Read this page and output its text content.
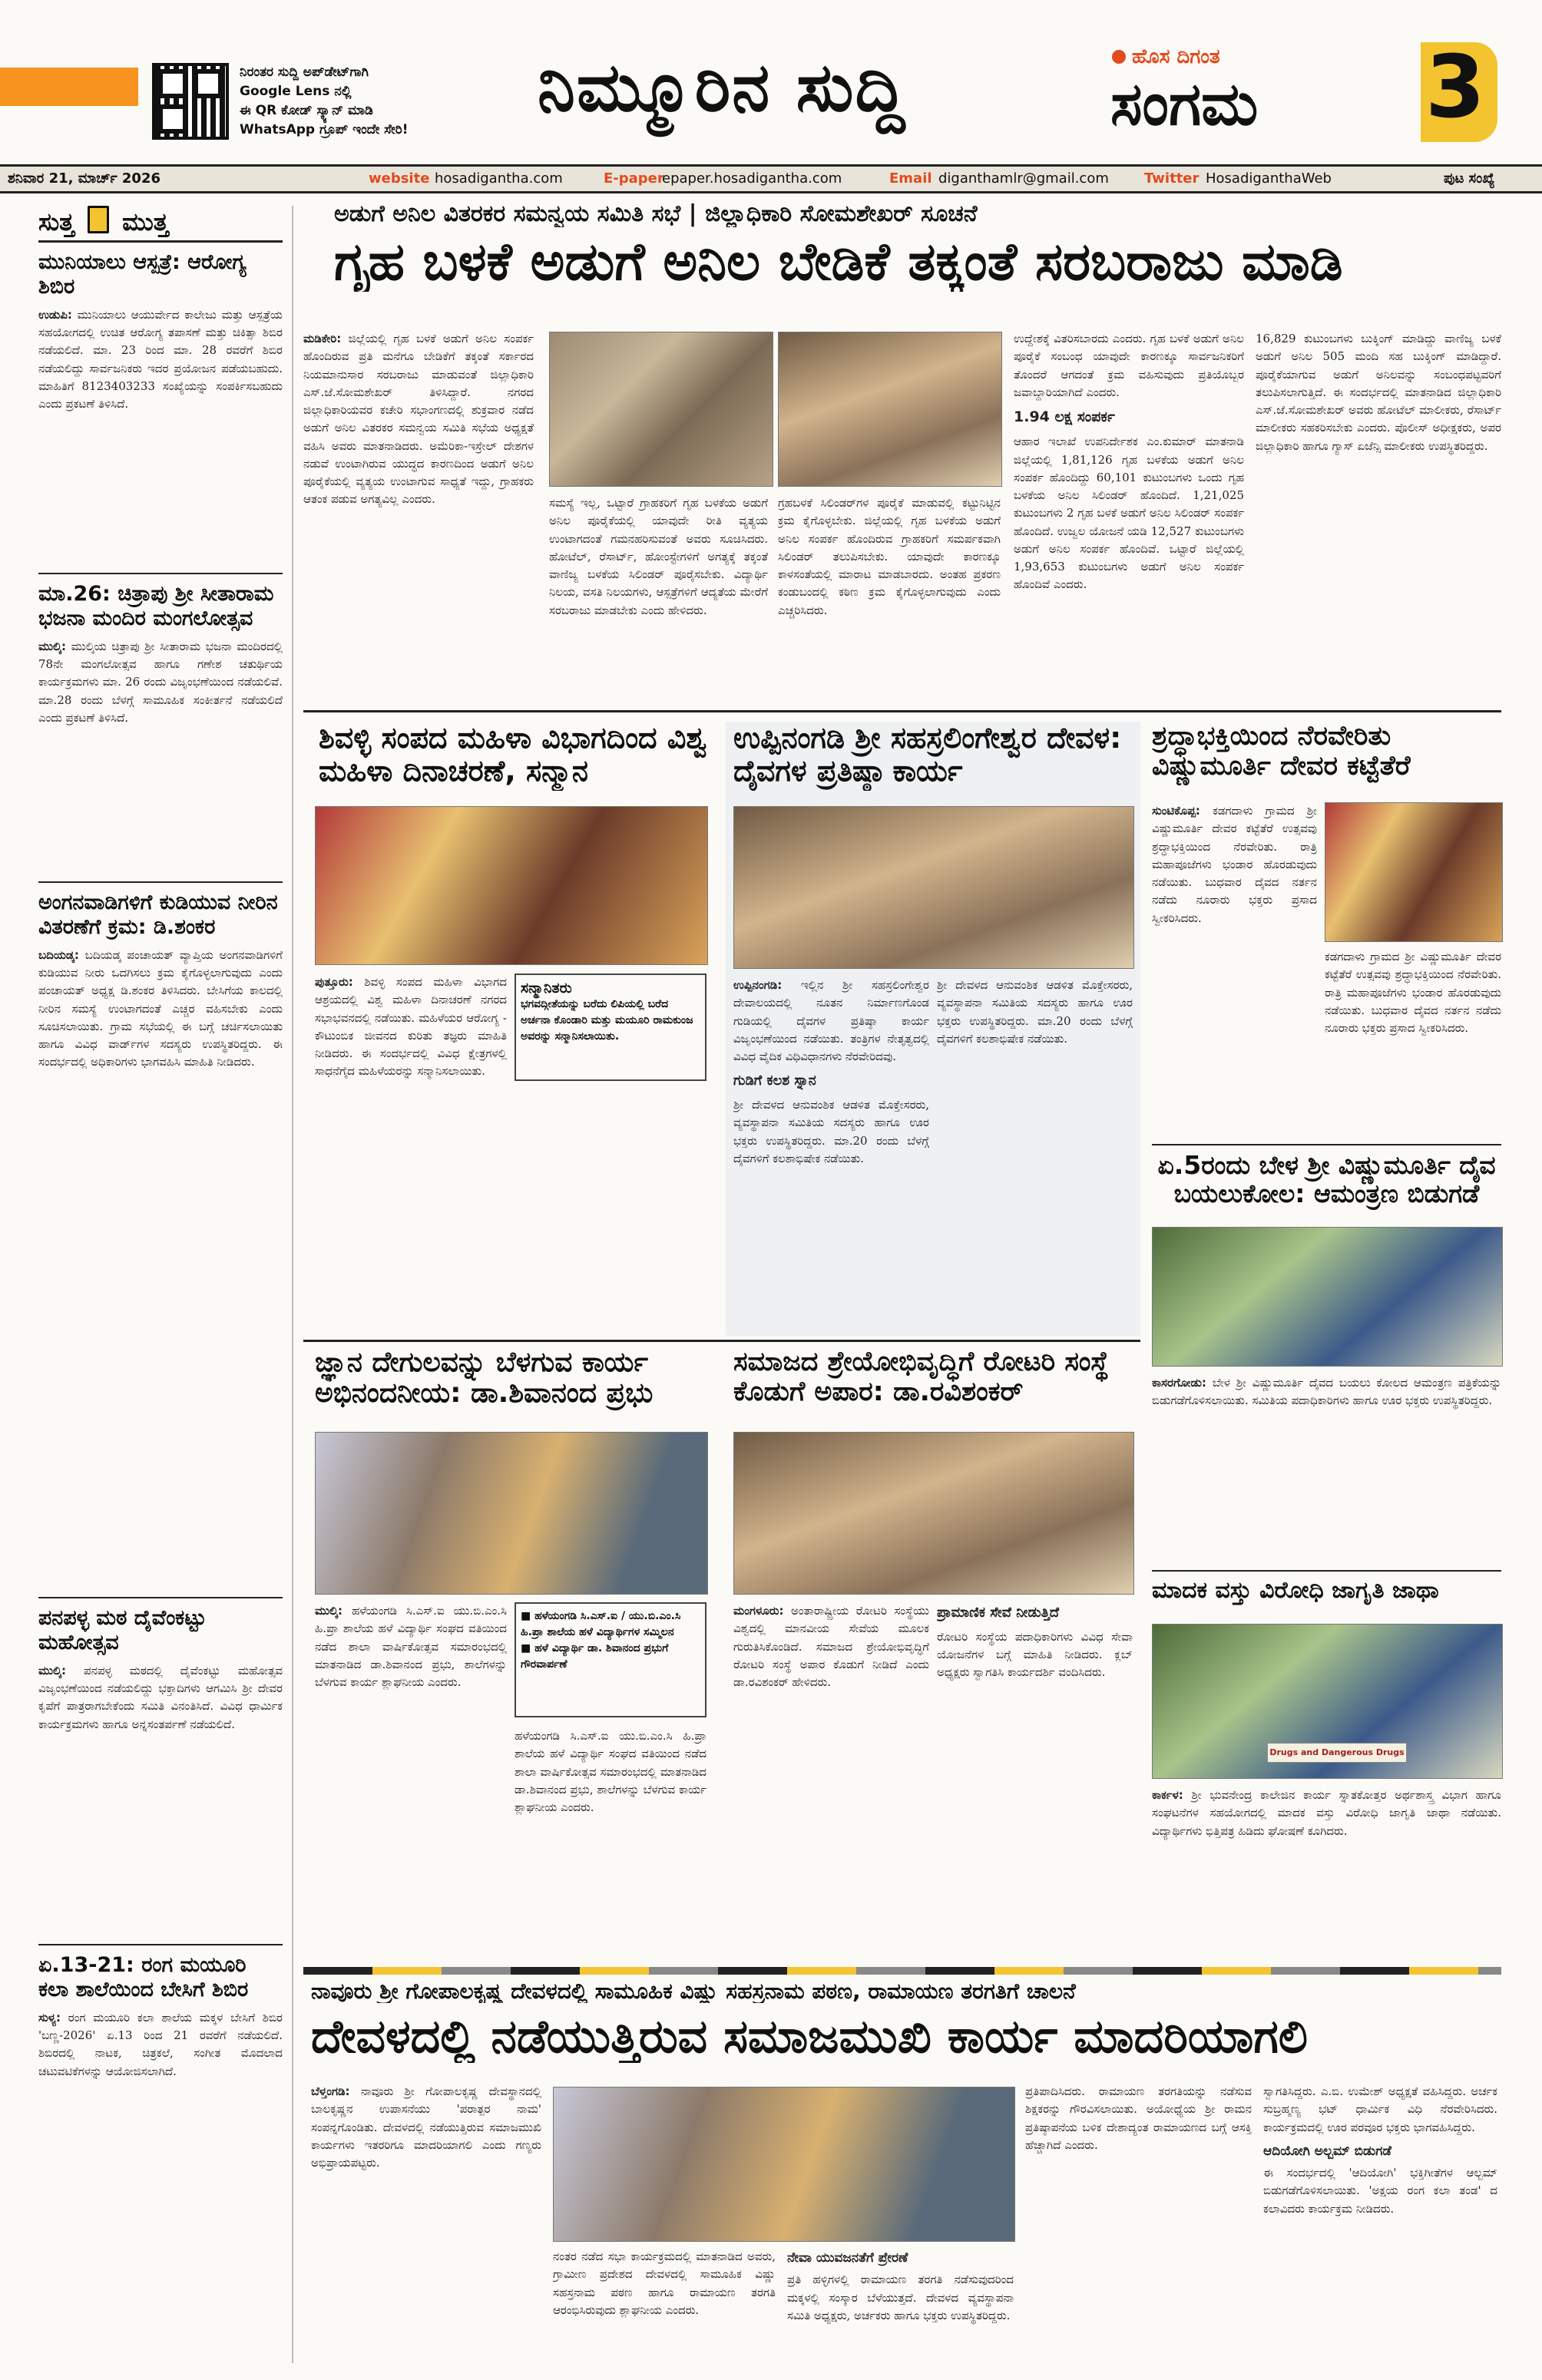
ನಿರಂತರ ಸುದ್ದಿ ಅಪ್‌ಡೇಟ್‌ಗಾಗಿ
Google Lens ನಲ್ಲಿ
ಈ QR ಕೋಡ್ ಸ್ಕ್ಯಾನ್ ಮಾಡಿ
WhatsApp ಗ್ರೂಪ್ ಇಂದೇ ಸೇರಿ!
ನಿಮ್ಮೂರಿನ ಸುದ್ದಿ	ಹೊಸ ದಿಗಂತ
ಸಂಗಮ 3
ಶನಿವಾರ 21, ಮಾರ್ಚ್ 2026	website hosadigantha.com	E-paper
epaper.hosadigantha.com	Email diganthamlr@gmail.com	Twitter HosadiganthaWeb	ಪುಟ ಸಂಖ್ಯೆ
ಸುತ್ತ ಮುತ್ತ
ಮುನಿಯಾಲು ಆಸ್ಪತ್ರೆ: ಆರೋಗ್ಯ ಶಿಬಿರ
ಉಡುಪಿ: ಮುನಿಯಾಲು ಆಯುರ್ವೇದ ಕಾಲೇಜು ಮತ್ತು ಆಸ್ಪತ್ರೆಯ ಸಹಯೋಗದಲ್ಲಿ ಉಚಿತ ಆರೋಗ್ಯ ತಪಾಸಣೆ ಮತ್ತು ಚಿಕಿತ್ಸಾ ಶಿಬಿರ ನಡೆಯಲಿದೆ. ಮಾ. 23 ರಿಂದ ಮಾ. 28 ರವರೆಗೆ ಶಿಬಿರ ನಡೆಯಲಿದ್ದು ಸಾರ್ವಜನಿಕರು ಇದರ ಪ್ರಯೋಜನ ಪಡೆಯಬಹುದು. ಮಾಹಿತಿಗೆ 8123403233 ಸಂಖ್ಯೆಯನ್ನು ಸಂಪರ್ಕಿಸಬಹುದು ಎಂದು ಪ್ರಕಟಣೆ ತಿಳಿಸಿದೆ.
ಮಾ.26: ಚಿತ್ರಾಪು ಶ್ರೀ ಸೀತಾರಾಮ ಭಜನಾ ಮಂದಿರ ಮಂಗಲೋತ್ಸವ
ಮುಲ್ಕಿ: ಮುಲ್ಕಿಯ ಚಿತ್ರಾಪು ಶ್ರೀ ಸೀತಾರಾಮ ಭಜನಾ ಮಂದಿರದಲ್ಲಿ 78ನೇ ಮಂಗಲೋತ್ಸವ ಹಾಗೂ ಗಣೇಶ ಚತುರ್ಥಿಯ ಕಾರ್ಯಕ್ರಮಗಳು ಮಾ. 26 ರಂದು ವಿಜೃಂಭಣೆಯಿಂದ ನಡೆಯಲಿವೆ. ಮಾ.28 ರಂದು ಬೆಳಗ್ಗೆ ಸಾಮೂಹಿಕ ಸಂಕೀರ್ತನೆ ನಡೆಯಲಿದೆ ಎಂದು ಪ್ರಕಟಣೆ ತಿಳಿಸಿದೆ.
ಅಂಗನವಾಡಿಗಳಿಗೆ ಕುಡಿಯುವ ನೀರಿನ ವಿತರಣೆಗೆ ಕ್ರಮ: ಡಿ.ಶಂಕರ
ಬದಿಯಡ್ಕ: ಬದಿಯಡ್ಕ ಪಂಚಾಯತ್ ವ್ಯಾಪ್ತಿಯ ಅಂಗನವಾಡಿಗಳಿಗೆ ಕುಡಿಯುವ ನೀರು ಒದಗಿಸಲು ಕ್ರಮ ಕೈಗೊಳ್ಳಲಾಗುವುದು ಎಂದು ಪಂಚಾಯತ್ ಅಧ್ಯಕ್ಷ ಡಿ.ಶಂಕರ ತಿಳಿಸಿದರು. ಬೇಸಿಗೆಯ ಕಾಲದಲ್ಲಿ ನೀರಿನ ಸಮಸ್ಯೆ ಉಂಟಾಗದಂತೆ ಎಚ್ಚರ ವಹಿಸಬೇಕು ಎಂದು ಸೂಚಿಸಲಾಯಿತು. ಗ್ರಾಮ ಸಭೆಯಲ್ಲಿ ಈ ಬಗ್ಗೆ ಚರ್ಚಿಸಲಾಯಿತು ಹಾಗೂ ವಿವಿಧ ವಾರ್ಡ್‌ಗಳ ಸದಸ್ಯರು ಉಪಸ್ಥಿತರಿದ್ದರು. ಈ ಸಂದರ್ಭದಲ್ಲಿ ಅಧಿಕಾರಿಗಳು ಭಾಗವಹಿಸಿ ಮಾಹಿತಿ ನೀಡಿದರು.
ಪನಪಳ್ಳ ಮಠ ದೈವೆಂಕಟ್ಟು ಮಹೋತ್ಸವ
ಮುಲ್ಕಿ: ಪನಪಳ್ಳ ಮಠದಲ್ಲಿ ದೈವೆಂಕಟ್ಟು ಮಹೋತ್ಸವ ವಿಜೃಂಭಣೆಯಿಂದ ನಡೆಯಲಿದ್ದು ಭಕ್ತಾದಿಗಳು ಆಗಮಿಸಿ ಶ್ರೀ ದೇವರ ಕೃಪೆಗೆ ಪಾತ್ರರಾಗಬೇಕೆಂದು ಸಮಿತಿ ವಿನಂತಿಸಿದೆ. ವಿವಿಧ ಧಾರ್ಮಿಕ ಕಾರ್ಯಕ್ರಮಗಳು ಹಾಗೂ ಅನ್ನಸಂತರ್ಪಣೆ ನಡೆಯಲಿದೆ.
ಏ.13-21: ರಂಗ ಮಯೂರಿ ಕಲಾ ಶಾಲೆಯಿಂದ ಬೇಸಿಗೆ ಶಿಬಿರ
ಸುಳ್ಯ: ರಂಗ ಮಯೂರಿ ಕಲಾ ಶಾಲೆಯ ಮಕ್ಕಳ ಬೇಸಿಗೆ ಶಿಬಿರ 'ಬಣ್ಣ-2026' ಏ.13 ರಿಂದ 21 ರವರೆಗೆ ನಡೆಯಲಿದೆ. ಶಿಬಿರದಲ್ಲಿ ನಾಟಕ, ಚಿತ್ರಕಲೆ, ಸಂಗೀತ ಮೊದಲಾದ ಚಟುವಟಿಕೆಗಳನ್ನು ಆಯೋಜಿಸಲಾಗಿದೆ.
ಅಡುಗೆ ಅನಿಲ ವಿತರಕರ ಸಮನ್ವಯ ಸಮಿತಿ ಸಭೆ | ಜಿಲ್ಲಾಧಿಕಾರಿ ಸೋಮಶೇಖರ್ ಸೂಚನೆ
ಗೃಹ ಬಳಕೆ ಅಡುಗೆ ಅನಿಲ ಬೇಡಿಕೆ ತಕ್ಕಂತೆ ಸರಬರಾಜು ಮಾಡಿ
ಮಡಿಕೇರಿ: ಜಿಲ್ಲೆಯಲ್ಲಿ ಗೃಹ ಬಳಕೆ ಅಡುಗೆ ಅನಿಲ ಸಂಪರ್ಕ ಹೊಂದಿರುವ ಪ್ರತಿ ಮನೆಗೂ ಬೇಡಿಕೆಗೆ ತಕ್ಕಂತೆ ಸರ್ಕಾರದ ನಿಯಮಾನುಸಾರ ಸರಬರಾಜು ಮಾಡುವಂತೆ ಜಿಲ್ಲಾಧಿಕಾರಿ ಎಸ್.ಜೆ.ಸೋಮಶೇಖರ್ ತಿಳಿಸಿದ್ದಾರೆ. ನಗರದ ಜಿಲ್ಲಾಧಿಕಾರಿಯವರ ಕಚೇರಿ ಸಭಾಂಗಣದಲ್ಲಿ ಶುಕ್ರವಾರ ನಡೆದ ಅಡುಗೆ ಅನಿಲ ವಿತರಕರ ಸಮನ್ವಯ ಸಮಿತಿ ಸಭೆಯ ಅಧ್ಯಕ್ಷತೆ ವಹಿಸಿ ಅವರು ಮಾತನಾಡಿದರು. ಅಮೆರಿಕಾ-ಇಸ್ರೇಲ್ ದೇಶಗಳ ನಡುವೆ ಉಂಟಾಗಿರುವ ಯುದ್ಧದ ಕಾರಣದಿಂದ ಅಡುಗೆ ಅನಿಲ ಪೂರೈಕೆಯಲ್ಲಿ ವ್ಯತ್ಯಯ ಉಂಟಾಗುವ ಸಾಧ್ಯತೆ ಇದ್ದು, ಗ್ರಾಹಕರು ಆತಂಕ ಪಡುವ ಅಗತ್ಯವಿಲ್ಲ ಎಂದರು.	ಸಮಸ್ಯೆ ಇಲ್ಲ, ಒಟ್ಟಾರೆ ಗ್ರಾಹಕರಿಗೆ ಗೃಹ ಬಳಕೆಯ ಅಡುಗೆ ಅನಿಲ ಪೂರೈಕೆಯಲ್ಲಿ ಯಾವುದೇ ರೀತಿ ವ್ಯತ್ಯಯ ಉಂಟಾಗದಂತೆ ಗಮನಹರಿಸುವಂತೆ ಅವರು ಸೂಚಿಸಿದರು. ಹೋಟೆಲ್, ರೆಸಾರ್ಟ್, ಹೋಂಸ್ಟೇಗಳಿಗೆ ಅಗತ್ಯಕ್ಕೆ ತಕ್ಕಂತೆ ವಾಣಿಜ್ಯ ಬಳಕೆಯ ಸಿಲಿಂಡರ್ ಪೂರೈಸಬೇಕು. ವಿದ್ಯಾರ್ಥಿ ನಿಲಯ, ವಸತಿ ನಿಲಯಗಳು, ಆಸ್ಪತ್ರೆಗಳಿಗೆ ಆದ್ಯತೆಯ ಮೇರೆಗೆ ಸರಬರಾಜು ಮಾಡಬೇಕು ಎಂದು ಹೇಳಿದರು.
ಗ್ರಹಬಳಕೆ ಸಿಲಿಂಡರ್‌ಗಳ ಪೂರೈಕೆ ಮಾಡುವಲ್ಲಿ ಕಟ್ಟುನಿಟ್ಟಿನ ಕ್ರಮ ಕೈಗೊಳ್ಳಬೇಕು. ಜಿಲ್ಲೆಯಲ್ಲಿ ಗೃಹ ಬಳಕೆಯ ಅಡುಗೆ ಅನಿಲ ಸಂಪರ್ಕ ಹೊಂದಿರುವ ಗ್ರಾಹಕರಿಗೆ ಸಮರ್ಪಕವಾಗಿ ಸಿಲಿಂಡರ್ ತಲುಪಿಸಬೇಕು. ಯಾವುದೇ ಕಾರಣಕ್ಕೂ ಕಾಳಸಂತೆಯಲ್ಲಿ ಮಾರಾಟ ಮಾಡಬಾರದು. ಅಂತಹ ಪ್ರಕರಣ ಕಂಡುಬಂದಲ್ಲಿ ಕಠಿಣ ಕ್ರಮ ಕೈಗೊಳ್ಳಲಾಗುವುದು ಎಂದು ಎಚ್ಚರಿಸಿದರು.
ಉದ್ದೇಶಕ್ಕೆ ವಿತರಿಸಬಾರದು ಎಂದರು. ಗೃಹ ಬಳಕೆ ಅಡುಗೆ ಅನಿಲ ಪೂರೈಕೆ ಸಂಬಂಧ ಯಾವುದೇ ಕಾರಣಕ್ಕೂ ಸಾರ್ವಜನಿಕರಿಗೆ ತೊಂದರೆ ಆಗದಂತೆ ಕ್ರಮ ವಹಿಸುವುದು ಪ್ರತಿಯೊಬ್ಬರ ಜವಾಬ್ದಾರಿಯಾಗಿದೆ ಎಂದರು.
1.94 ಲಕ್ಷ ಸಂಪರ್ಕ
ಆಹಾರ ಇಲಾಖೆ ಉಪನಿರ್ದೇಶಕ ಎಂ.ಕುಮಾರ್ ಮಾತನಾಡಿ ಜಿಲ್ಲೆಯಲ್ಲಿ 1,81,126 ಗೃಹ ಬಳಕೆಯ ಅಡುಗೆ ಅನಿಲ ಸಂಪರ್ಕ ಹೊಂದಿದ್ದು 60,101 ಕುಟುಂಬಗಳು ಒಂದು ಗೃಹ ಬಳಕೆಯ ಅನಿಲ ಸಿಲಿಂಡರ್ ಹೊಂದಿದೆ. 1,21,025 ಕುಟುಂಬಗಳು 2 ಗೃಹ ಬಳಕೆ ಅಡುಗೆ ಅನಿಲ ಸಿಲಿಂಡರ್ ಸಂಪರ್ಕ ಹೊಂದಿದೆ. ಉಜ್ವಲ ಯೋಜನೆ ಯಡಿ 12,527 ಕುಟುಂಬಗಳು ಅಡುಗೆ ಅನಿಲ ಸಂಪರ್ಕ ಹೊಂದಿವೆ. ಒಟ್ಟಾರೆ ಜಿಲ್ಲೆಯಲ್ಲಿ 1,93,653 ಕುಟುಂಬಗಳು ಅಡುಗೆ ಅನಿಲ ಸಂಪರ್ಕ ಹೊಂದಿವೆ ಎಂದರು.
16,829 ಕುಟುಂಬಗಳು ಬುಕ್ಕಿಂಗ್ ಮಾಡಿದ್ದು ವಾಣಿಜ್ಯ ಬಳಕೆ ಅಡುಗೆ ಅನಿಲ 505 ಮಂದಿ ಸಹ ಬುಕ್ಕಿಂಗ್ ಮಾಡಿದ್ದಾರೆ. ಪೂರೈಕೆಯಾಗುವ ಅಡುಗೆ ಅನಿಲವನ್ನು ಸಂಬಂಧಪಟ್ಟವರಿಗೆ ತಲುಪಿಸಲಾಗುತ್ತಿದೆ. ಈ ಸಂದರ್ಭದಲ್ಲಿ ಮಾತನಾಡಿದ ಜಿಲ್ಲಾಧಿಕಾರಿ ಎಸ್.ಜೆ.ಸೋಮಶೇಖರ್ ಅವರು ಹೋಟೆಲ್ ಮಾಲೀಕರು, ರೆಸಾರ್ಟ್ ಮಾಲೀಕರು ಸಹಕರಿಸಬೇಕು ಎಂದರು. ಪೊಲೀಸ್ ಅಧೀಕ್ಷಕರು, ಅಪರ ಜಿಲ್ಲಾಧಿಕಾರಿ ಹಾಗೂ ಗ್ಯಾಸ್ ಏಜೆನ್ಸಿ ಮಾಲೀಕರು ಉಪಸ್ಥಿತರಿದ್ದರು.
ಶಿವಳ್ಳಿ ಸಂಪದ ಮಹಿಳಾ ವಿಭಾಗದಿಂದ ವಿಶ್ವ ಮಹಿಳಾ ದಿನಾಚರಣೆ, ಸನ್ಮಾನ
ಪುತ್ತೂರು: ಶಿವಳ್ಳಿ ಸಂಪದ ಮಹಿಳಾ ವಿಭಾಗದ ಆಶ್ರಯದಲ್ಲಿ ವಿಶ್ವ ಮಹಿಳಾ ದಿನಾಚರಣೆ ನಗರದ ಸಭಾಭವನದಲ್ಲಿ ನಡೆಯಿತು. ಮಹಿಳೆಯರ ಆರೋಗ್ಯ - ಕೌಟುಂಬಿಕ ಜೀವನದ ಕುರಿತು ತಜ್ಞರು ಮಾಹಿತಿ ನೀಡಿದರು. ಈ ಸಂದರ್ಭದಲ್ಲಿ ವಿವಿಧ ಕ್ಷೇತ್ರಗಳಲ್ಲಿ ಸಾಧನೆಗೈದ ಮಹಿಳೆಯರನ್ನು ಸನ್ಮಾನಿಸಲಾಯಿತು.
ಸನ್ಮಾನಿತರು
ಭಗವದ್ಗೀತೆಯನ್ನು ಬರೆದು ಲಿಪಿಯಲ್ಲಿ ಬರೆದ ಅರ್ಚನಾ ಕೊಂಡಾರಿ ಮತ್ತು ಮಯೂರಿ ರಾಮಕುಂಜ ಅವರನ್ನು ಸನ್ಮಾನಿಸಲಾಯಿತು.
ಉಪ್ಪಿನಂಗಡಿ ಶ್ರೀ ಸಹಸ್ರಲಿಂಗೇಶ್ವರ ದೇವಳ: ದೈವಗಳ ಪ್ರತಿಷ್ಠಾ ಕಾರ್ಯ
ಉಪ್ಪಿನಂಗಡಿ: ಇಲ್ಲಿನ ಶ್ರೀ ಸಹಸ್ರಲಿಂಗೇಶ್ವರ ದೇವಾಲಯದಲ್ಲಿ ನೂತನ ನಿರ್ಮಾಣಗೊಂಡ ಗುಡಿಯಲ್ಲಿ ದೈವಗಳ ಪ್ರತಿಷ್ಠಾ ಕಾರ್ಯ ವಿಜೃಂಭಣೆಯಿಂದ ನಡೆಯಿತು. ತಂತ್ರಿಗಳ ನೇತೃತ್ವದಲ್ಲಿ ವಿವಿಧ ವೈದಿಕ ವಿಧಿವಿಧಾನಗಳು ನೆರವೇರಿದವು.
ಗುಡಿಗೆ ಕಲಶ ಸ್ನಾನ
ಶ್ರೀ ದೇವಳದ ಆನುವಂಶಿಕ ಆಡಳಿತ ಮೊಕ್ತೇಸರರು, ವ್ಯವಸ್ಥಾಪನಾ ಸಮಿತಿಯ ಸದಸ್ಯರು ಹಾಗೂ ಊರ ಭಕ್ತರು ಉಪಸ್ಥಿತರಿದ್ದರು. ಮಾ.20 ರಂದು ಬೆಳಗ್ಗೆ ದೈವಗಳಿಗೆ ಕಲಶಾಭಿಷೇಕ ನಡೆಯಿತು.
ಶ್ರೀ ದೇವಳದ ಆನುವಂಶಿಕ ಆಡಳಿತ ಮೊಕ್ತೇಸರರು, ವ್ಯವಸ್ಥಾಪನಾ ಸಮಿತಿಯ ಸದಸ್ಯರು ಹಾಗೂ ಊರ ಭಕ್ತರು ಉಪಸ್ಥಿತರಿದ್ದರು. ಮಾ.20 ರಂದು ಬೆಳಗ್ಗೆ ದೈವಗಳಿಗೆ ಕಲಶಾಭಿಷೇಕ ನಡೆಯಿತು.
ಶ್ರದ್ಧಾಭಕ್ತಿಯಿಂದ ನೆರವೇರಿತು ವಿಷ್ಣುಮೂರ್ತಿ ದೇವರ ಕಟ್ಟೆತೆರೆ
ಸುಂಟಿಕೊಪ್ಪ: ಕಡಗದಾಳು ಗ್ರಾಮದ ಶ್ರೀ ವಿಷ್ಣುಮೂರ್ತಿ ದೇವರ ಕಟ್ಟೆತೆರೆ ಉತ್ಸವವು ಶ್ರದ್ಧಾಭಕ್ತಿಯಿಂದ ನೆರವೇರಿತು. ರಾತ್ರಿ ಮಹಾಪೂಜೆಗಳು ಭಂಡಾರ ಹೊರಡುವುದು ನಡೆಯಿತು. ಬುಧವಾರ ದೈವದ ನರ್ತನ ನಡೆದು ನೂರಾರು ಭಕ್ತರು ಪ್ರಸಾದ ಸ್ವೀಕರಿಸಿದರು.
ಕಡಗದಾಳು ಗ್ರಾಮದ ಶ್ರೀ ವಿಷ್ಣುಮೂರ್ತಿ ದೇವರ ಕಟ್ಟೆತೆರೆ ಉತ್ಸವವು ಶ್ರದ್ಧಾಭಕ್ತಿಯಿಂದ ನೆರವೇರಿತು. ರಾತ್ರಿ ಮಹಾಪೂಜೆಗಳು ಭಂಡಾರ ಹೊರಡುವುದು ನಡೆಯಿತು. ಬುಧವಾರ ದೈವದ ನರ್ತನ ನಡೆದು ನೂರಾರು ಭಕ್ತರು ಪ್ರಸಾದ ಸ್ವೀಕರಿಸಿದರು.
ಏ.5ರಂದು ಬೇಳ ಶ್ರೀ ವಿಷ್ಣುಮೂರ್ತಿ ದೈವ ಬಯಲುಕೋಲ: ಆಮಂತ್ರಣ ಬಿಡುಗಡೆ
ಕಾಸರಗೋಡು: ಬೇಳ ಶ್ರೀ ವಿಷ್ಣುಮೂರ್ತಿ ದೈವದ ಬಯಲು ಕೋಲದ ಆಮಂತ್ರಣ ಪತ್ರಿಕೆಯನ್ನು ಬಿಡುಗಡೆಗೊಳಿಸಲಾಯಿತು. ಸಮಿತಿಯ ಪದಾಧಿಕಾರಿಗಳು ಹಾಗೂ ಊರ ಭಕ್ತರು ಉಪಸ್ಥಿತರಿದ್ದರು.
ಜ್ಞಾನ ದೇಗುಲವನ್ನು ಬೆಳಗುವ ಕಾರ್ಯ ಅಭಿನಂದನೀಯ: ಡಾ.ಶಿವಾನಂದ ಪ್ರಭು
ಮುಲ್ಕಿ: ಹಳೆಯಂಗಡಿ ಸಿ.ಎಸ್.ಐ ಯು.ಬಿ.ಎಂ.ಸಿ ಹಿ.ಪ್ರಾ ಶಾಲೆಯ ಹಳೆ ವಿದ್ಯಾರ್ಥಿ ಸಂಘದ ವತಿಯಿಂದ ನಡೆದ ಶಾಲಾ ವಾರ್ಷಿಕೋತ್ಸವ ಸಮಾರಂಭದಲ್ಲಿ ಮಾತನಾಡಿದ ಡಾ.ಶಿವಾನಂದ ಪ್ರಭು, ಶಾಲೆಗಳನ್ನು ಬೆಳಗುವ ಕಾರ್ಯ ಶ್ಲಾಘನೀಯ ಎಂದರು.
■ ಹಳೆಯಂಗಡಿ ಸಿ.ಎಸ್.ಐ / ಯು.ಬಿ.ಎಂ.ಸಿ ಹಿ.ಪ್ರಾ ಶಾಲೆಯ ಹಳೆ ವಿದ್ಯಾರ್ಥಿಗಳ ಸಮ್ಮಿಲನ
■ ಹಳೆ ವಿದ್ಯಾರ್ಥಿ ಡಾ. ಶಿವಾನಂದ ಪ್ರಭುಗೆ ಗೌರವಾರ್ಪಣೆ
ಹಳೆಯಂಗಡಿ ಸಿ.ಎಸ್.ಐ ಯು.ಬಿ.ಎಂ.ಸಿ ಹಿ.ಪ್ರಾ ಶಾಲೆಯ ಹಳೆ ವಿದ್ಯಾರ್ಥಿ ಸಂಘದ ವತಿಯಿಂದ ನಡೆದ ಶಾಲಾ ವಾರ್ಷಿಕೋತ್ಸವ ಸಮಾರಂಭದಲ್ಲಿ ಮಾತನಾಡಿದ ಡಾ.ಶಿವಾನಂದ ಪ್ರಭು, ಶಾಲೆಗಳನ್ನು ಬೆಳಗುವ ಕಾರ್ಯ ಶ್ಲಾಘನೀಯ ಎಂದರು.
ಸಮಾಜದ ಶ್ರೇಯೋಭಿವೃದ್ಧಿಗೆ ರೋಟರಿ ಸಂಸ್ಥೆ ಕೊಡುಗೆ ಅಪಾರ: ಡಾ.ರವಿಶಂಕರ್
ಮಂಗಳೂರು: ಅಂತಾರಾಷ್ಟ್ರೀಯ ರೋಟರಿ ಸಂಸ್ಥೆಯು ವಿಶ್ವದಲ್ಲಿ ಮಾನವೀಯ ಸೇವೆಯ ಮೂಲಕ ಗುರುತಿಸಿಕೊಂಡಿದೆ. ಸಮಾಜದ ಶ್ರೇಯೋಭಿವೃದ್ಧಿಗೆ ರೋಟರಿ ಸಂಸ್ಥೆ ಅಪಾರ ಕೊಡುಗೆ ನೀಡಿದೆ ಎಂದು ಡಾ.ರವಿಶಂಕರ್ ಹೇಳಿದರು.
ಪ್ರಾಮಾಣಿಕ ಸೇವೆ ನೀಡುತ್ತಿದೆ
ರೋಟರಿ ಸಂಸ್ಥೆಯ ಪದಾಧಿಕಾರಿಗಳು ವಿವಿಧ ಸೇವಾ ಯೋಜನೆಗಳ ಬಗ್ಗೆ ಮಾಹಿತಿ ನೀಡಿದರು. ಕ್ಲಬ್ ಅಧ್ಯಕ್ಷರು ಸ್ವಾಗತಿಸಿ ಕಾರ್ಯದರ್ಶಿ ವಂದಿಸಿದರು.
ಮಾದಕ ವಸ್ತು ವಿರೋಧಿ ಜಾಗೃತಿ ಜಾಥಾ
Drugs and Dangerous Drugs
ಕಾರ್ಕಳ: ಶ್ರೀ ಭುವನೇಂದ್ರ ಕಾಲೇಜಿನ ಕಾರ್ಯ ಸ್ನಾತಕೋತ್ತರ ಅರ್ಥಶಾಸ್ತ್ರ ವಿಭಾಗ ಹಾಗೂ ಸಂಘಟನೆಗಳ ಸಹಯೋಗದಲ್ಲಿ ಮಾದಕ ವಸ್ತು ವಿರೋಧಿ ಜಾಗೃತಿ ಜಾಥಾ ನಡೆಯಿತು. ವಿದ್ಯಾರ್ಥಿಗಳು ಭಿತ್ತಿಪತ್ರ ಹಿಡಿದು ಘೋಷಣೆ ಕೂಗಿದರು.
ನಾವೂರು ಶ್ರೀ ಗೋಪಾಲಕೃಷ್ಣ ದೇವಳದಲ್ಲಿ ಸಾಮೂಹಿಕ ವಿಷ್ಣು ಸಹಸ್ರನಾಮ ಪಠಣ, ರಾಮಾಯಣ ತರಗತಿಗೆ ಚಾಲನೆ
ದೇವಳದಲ್ಲಿ ನಡೆಯುತ್ತಿರುವ ಸಮಾಜಮುಖಿ ಕಾರ್ಯ ಮಾದರಿಯಾಗಲಿ
ಬೆಳ್ತಂಗಡಿ: ನಾವೂರು ಶ್ರೀ ಗೋಪಾಲಕೃಷ್ಣ ದೇವಸ್ಥಾನದಲ್ಲಿ ಬಾಲಕೃಷ್ಣನ ಉಪಾಸನೆಯು 'ಪರಾತ್ಪರ ನಾಮ' ಸಂಪನ್ನಗೊಂಡಿತು. ದೇವಳದಲ್ಲಿ ನಡೆಯುತ್ತಿರುವ ಸಮಾಜಮುಖಿ ಕಾರ್ಯಗಳು ಇತರರಿಗೂ ಮಾದರಿಯಾಗಲಿ ಎಂದು ಗಣ್ಯರು ಅಭಿಪ್ರಾಯಪಟ್ಟರು.
ನಂತರ ನಡೆದ ಸಭಾ ಕಾರ್ಯಕ್ರಮದಲ್ಲಿ ಮಾತನಾಡಿದ ಅವರು, ಗ್ರಾಮೀಣ ಪ್ರದೇಶದ ದೇವಳದಲ್ಲಿ ಸಾಮೂಹಿಕ ವಿಷ್ಣು ಸಹಸ್ರನಾಮ ಪಠಣ ಹಾಗೂ ರಾಮಾಯಣ ತರಗತಿ ಆರಂಭಿಸಿರುವುದು ಶ್ಲಾಘನೀಯ ಎಂದರು.
ನೇವಾ ಯುವಜನತೆಗೆ ಪ್ರೇರಣೆ
ಪ್ರತಿ ಹಳ್ಳಿಗಳಲ್ಲಿ ರಾಮಾಯಣ ತರಗತಿ ನಡೆಸುವುದರಿಂದ ಮಕ್ಕಳಲ್ಲಿ ಸಂಸ್ಕಾರ ಬೆಳೆಯುತ್ತದೆ. ದೇವಳದ ವ್ಯವಸ್ಥಾಪನಾ ಸಮಿತಿ ಅಧ್ಯಕ್ಷರು, ಅರ್ಚಕರು ಹಾಗೂ ಭಕ್ತರು ಉಪಸ್ಥಿತರಿದ್ದರು.
ಪ್ರತಿಪಾದಿಸಿದರು. ರಾಮಾಯಣ ತರಗತಿಯನ್ನು ನಡೆಸುವ ಶಿಕ್ಷಕರನ್ನು ಗೌರವಿಸಲಾಯಿತು. ಅಯೋಧ್ಯೆಯ ಶ್ರೀ ರಾಮನ ಪ್ರತಿಷ್ಠಾಪನೆಯ ಬಳಿಕ ದೇಶಾದ್ಯಂತ ರಾಮಾಯಣದ ಬಗ್ಗೆ ಆಸಕ್ತಿ ಹೆಚ್ಚಾಗಿದೆ ಎಂದರು.
ಸ್ವಾಗತಿಸಿದ್ದರು. ಎ.ಬಿ. ಉಮೇಶ್ ಅಧ್ಯಕ್ಷತೆ ವಹಿಸಿದ್ದರು. ಅರ್ಚಕ ಸುಬ್ರಹ್ಮಣ್ಯ ಭಟ್ ಧಾರ್ಮಿಕ ವಿಧಿ ನೆರವೇರಿಸಿದರು. ಕಾರ್ಯಕ್ರಮದಲ್ಲಿ ಊರ ಪರವೂರ ಭಕ್ತರು ಭಾಗವಹಿಸಿದ್ದರು.
ಆದಿಯೋಗಿ ಅಲ್ಬಮ್ ಬಿಡುಗಡೆ
ಈ ಸಂದರ್ಭದಲ್ಲಿ 'ಆದಿಯೋಗಿ' ಭಕ್ತಿಗೀತೆಗಳ ಆಲ್ಬಮ್ ಬಿಡುಗಡೆಗೊಳಿಸಲಾಯಿತು. 'ಅಕ್ಷಯ ರಂಗ ಕಲಾ ತಂಡ' ದ ಕಲಾವಿದರು ಕಾರ್ಯಕ್ರಮ ನೀಡಿದರು.
